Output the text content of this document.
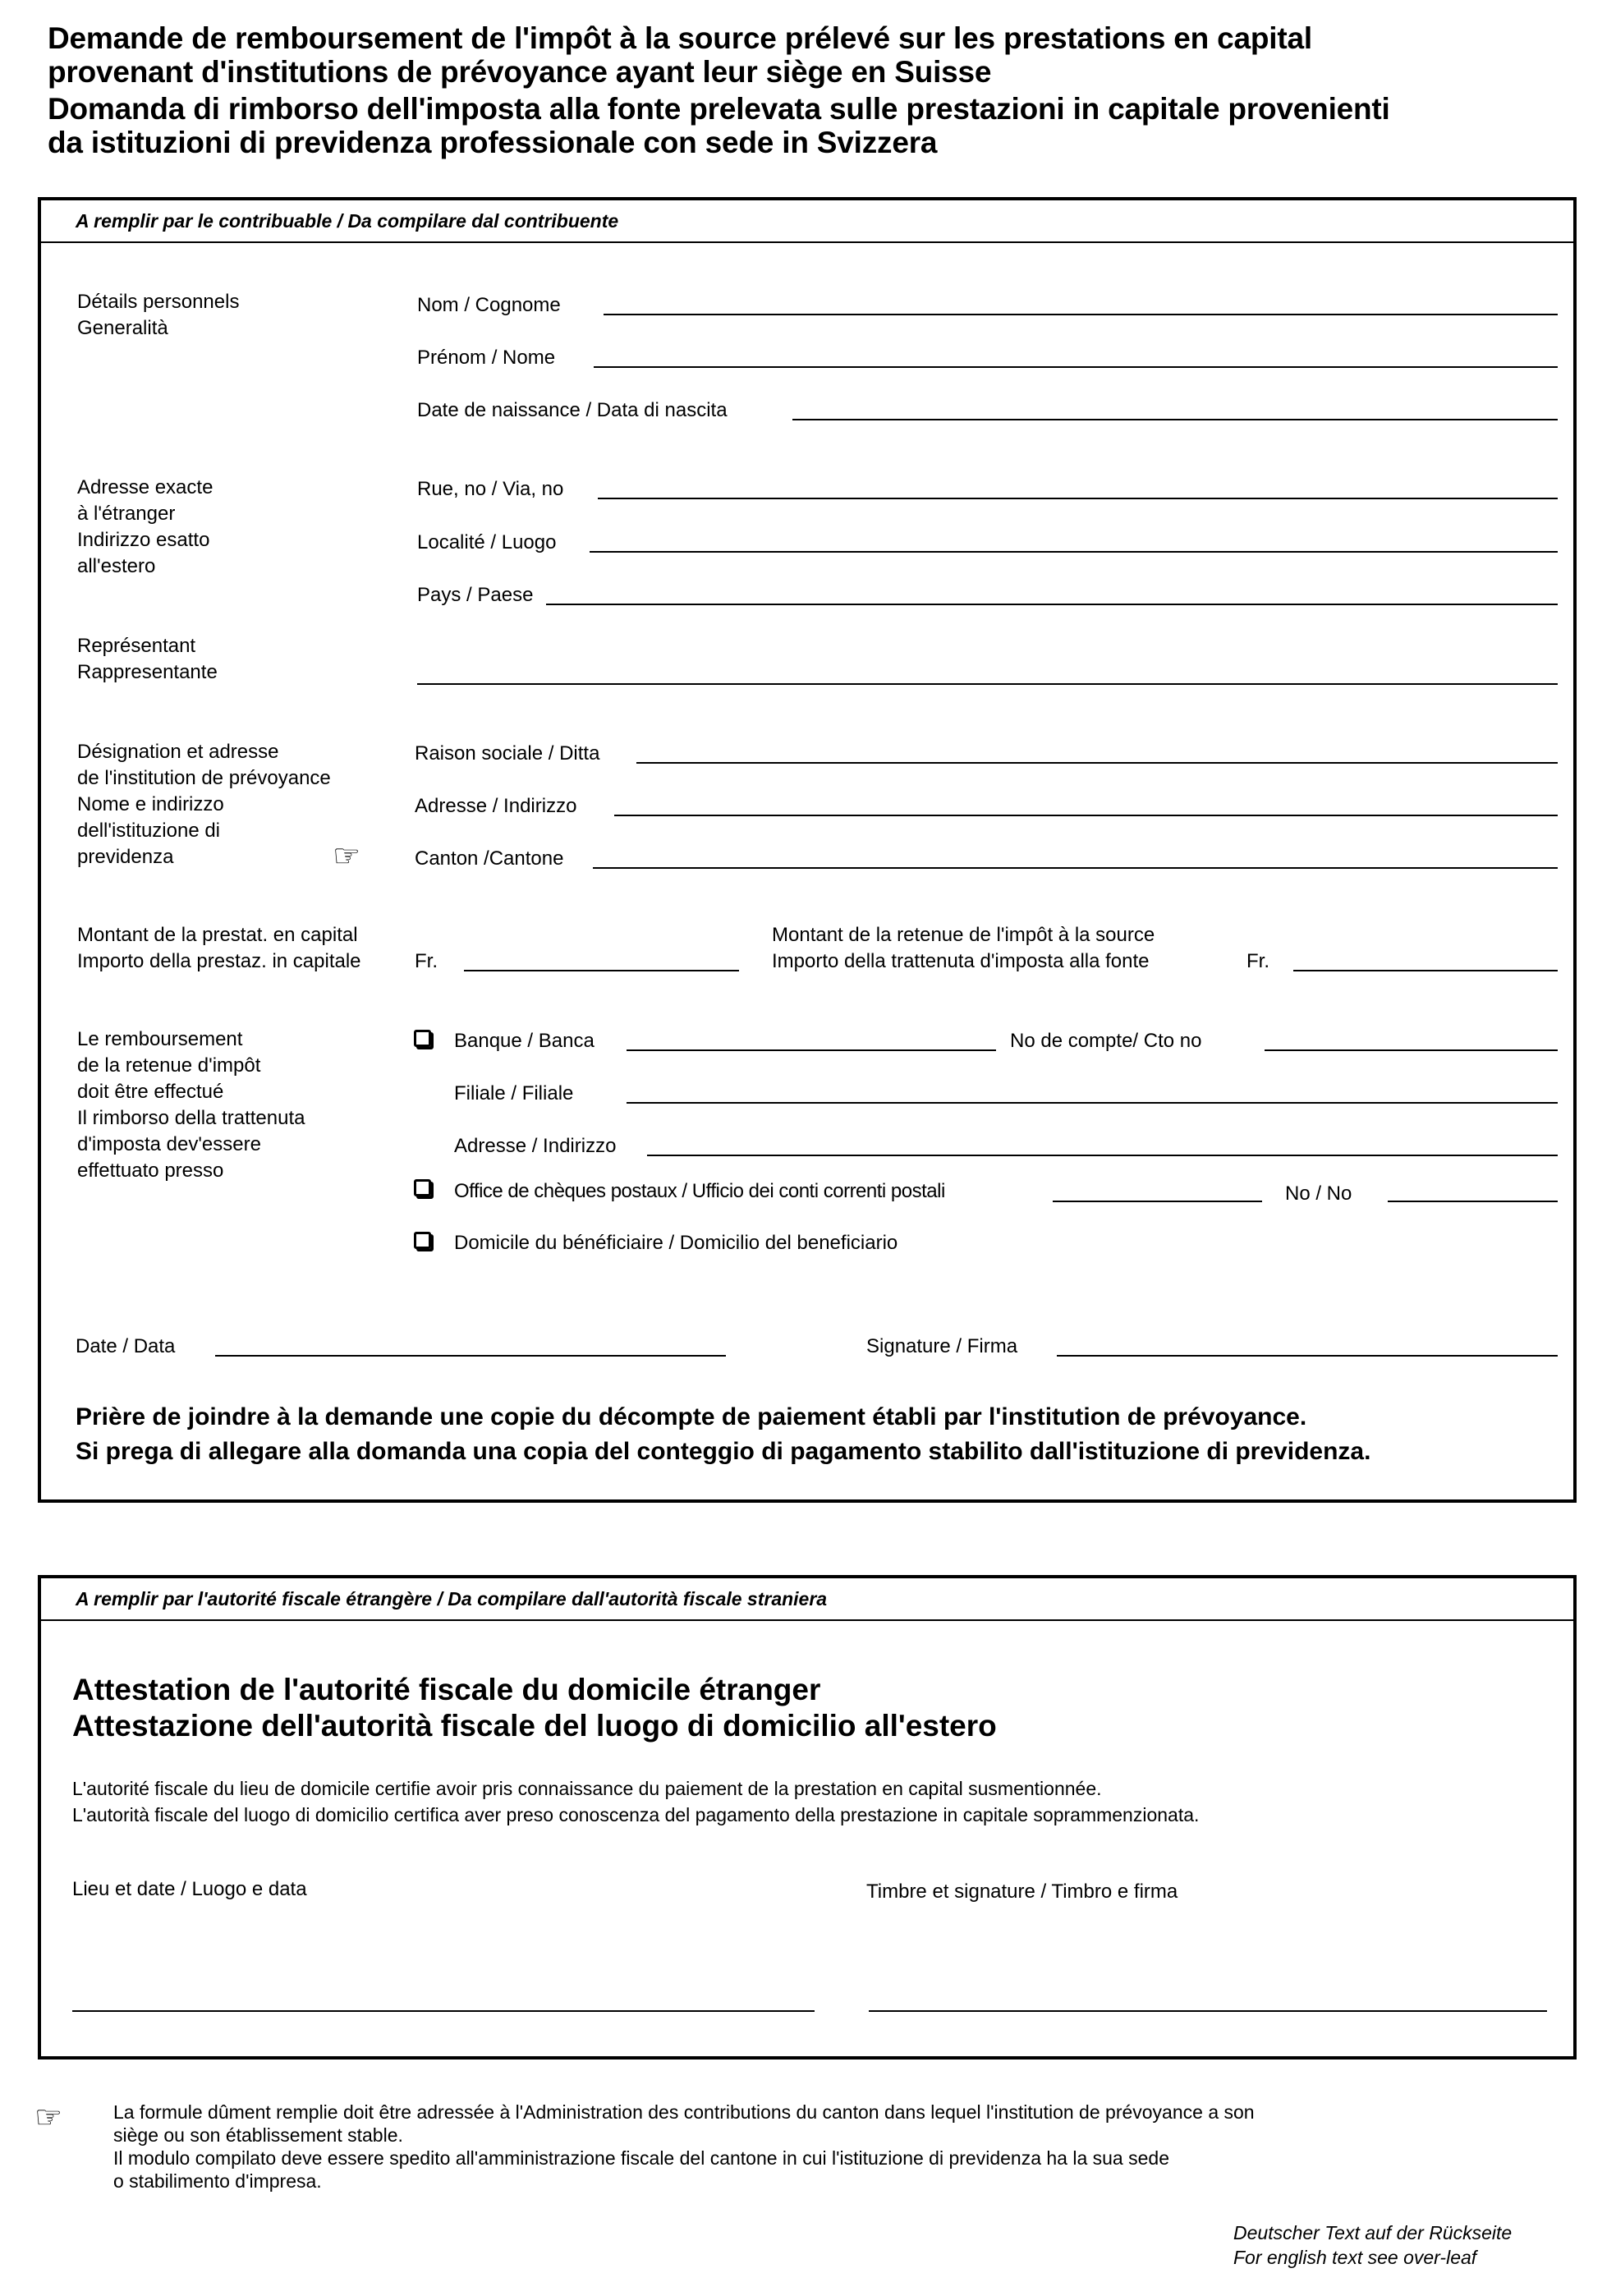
Demande de remboursement de l'impôt à la source prélevé sur les prestations en capital
provenant d'institutions de prévoyance ayant leur siège en Suisse
Domanda di rimborso dell'imposta alla fonte prelevata sulle prestazioni in capitale provenienti
da istituzioni di previdenza professionale con sede in Svizzera
A remplir par le contribuable / Da compilare dal contribuente
Détails personnels
Generalità
Nom / Cognome
Prénom / Nome
Date de naissance / Data di nascita
Adresse exacte
à l'étranger
Indirizzo esatto
all'estero
Rue, no / Via, no
Localité / Luogo
Pays / Paese
Représentant
Rappresentante
Désignation et adresse
de l'institution de prévoyance
Nome e indirizzo
dell'istituzione di
previdenza
Raison sociale / Ditta
Adresse / Indirizzo
☞	Canton /Cantone
Montant de la prestat. en capital
Importo della prestaz. in capitale	Fr.
Montant de la retenue de l'impôt à la source
Importo della trattenuta d'imposta alla fonte	Fr.
Le remboursement
de la retenue d'impôt
doit être effectué
Il rimborso della trattenuta
d'imposta dev'essere
effettuato presso
Banque / Banca	No de compte/ Cto no
Filiale / Filiale
Adresse / Indirizzo
Office de chèques postaux / Ufficio dei conti correnti postali	No / No
Domicile du bénéficiaire / Domicilio del beneficiario
Date / Data	Signature / Firma
Prière de joindre à la demande une copie du décompte de paiement établi par l'institution de prévoyance.
Si prega di allegare alla domanda una copia del conteggio di pagamento stabilito dall'istituzione di previdenza.
A remplir par l'autorité fiscale étrangère / Da compilare dall'autorità fiscale straniera
Attestation de l'autorité fiscale du domicile étranger
Attestazione dell'autorità fiscale del luogo di domicilio all'estero
L'autorité fiscale du lieu de domicile certifie avoir pris connaissance du paiement de la prestation en capital susmentionnée.
L'autorità fiscale del luogo di domicilio certifica aver preso conoscenza del pagamento della prestazione in capitale soprammenzionata.
Lieu et date / Luogo e data	Timbre et signature / Timbro e firma
☞	La formule dûment remplie doit être adressée à l'Administration des contributions du canton dans lequel l'institution de prévoyance a son
siège ou son établissement stable.
Il modulo compilato deve essere spedito all'amministrazione fiscale del cantone in cui l'istituzione di previdenza ha la sua sede
o stabilimento d'impresa.
Deutscher Text auf der Rückseite
For english text see over-leaf
